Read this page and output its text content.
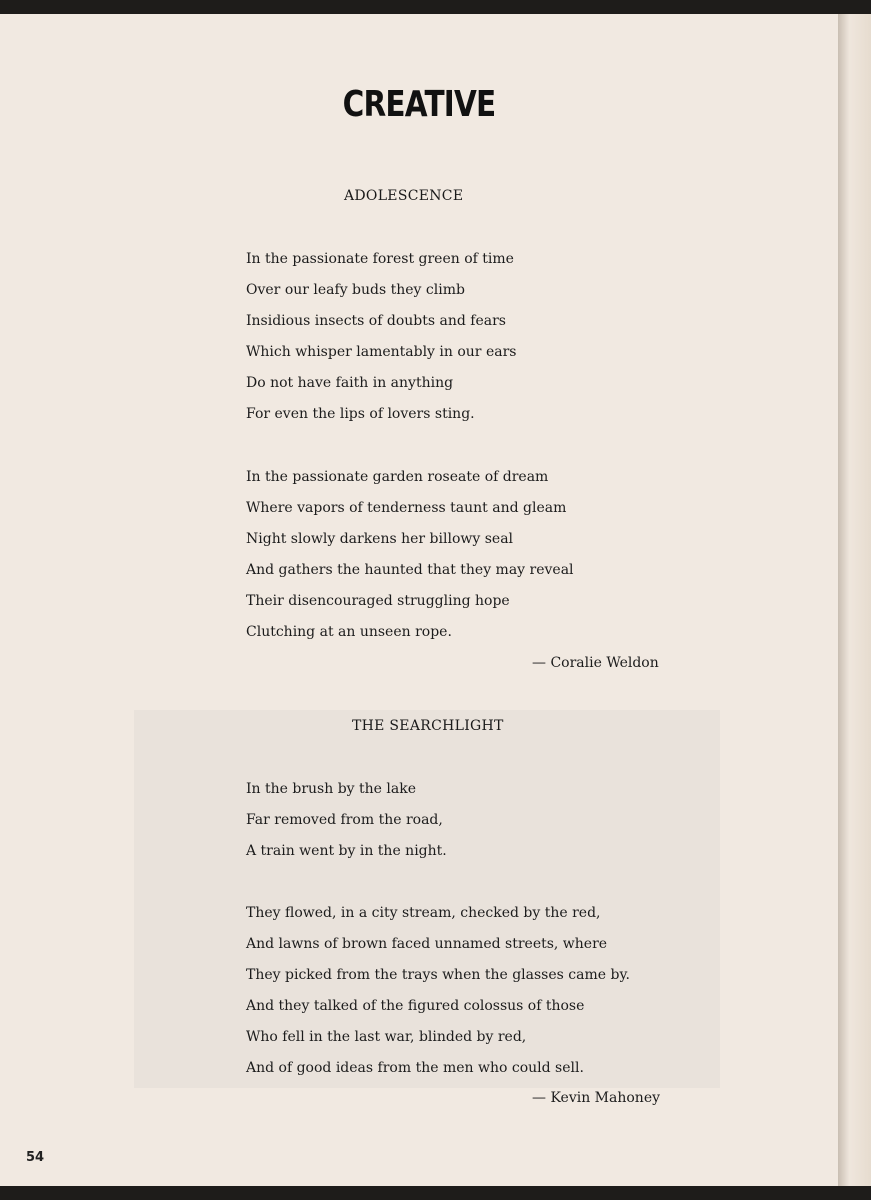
CREATIVE
ADOLESCENCE
In the passionate forest green of time
Over our leafy buds they climb
Insidious insects of doubts and fears
Which whisper lamentably in our ears
Do not have faith in anything
For even the lips of lovers sting.
In the passionate garden roseate of dream
Where vapors of tenderness taunt and gleam
Night slowly darkens her billowy seal
And gathers the haunted that they may reveal
Their disencouraged struggling hope
Clutching at an unseen rope.
— Coralie Weldon
THE SEARCHLIGHT
In the brush by the lake
Far removed from the road,
A train went by in the night.
They flowed, in a city stream, checked by the red,
And lawns of brown faced unnamed streets, where
They picked from the trays when the glasses came by.
And they talked of the figured colossus of those
Who fell in the last war, blinded by red,
And of good ideas from the men who could sell.
— Kevin Mahoney
54
